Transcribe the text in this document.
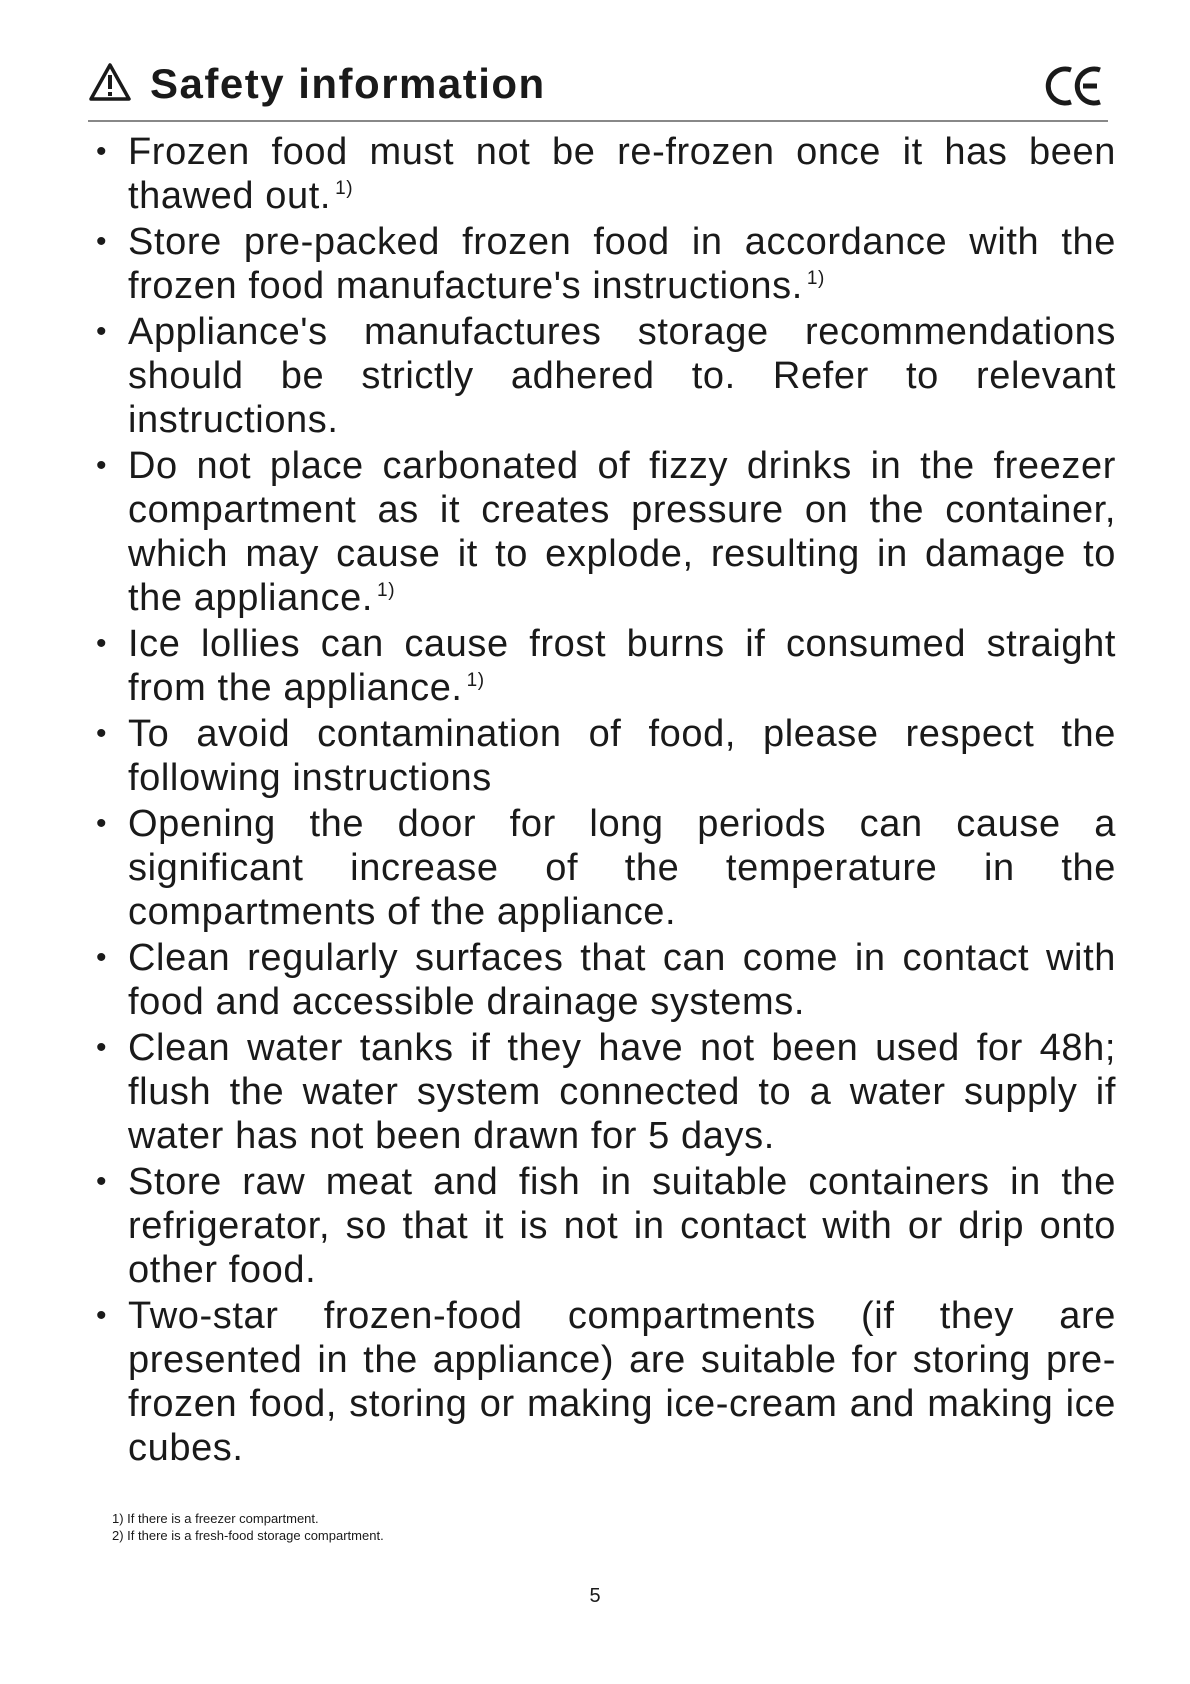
Safety information
• Frozen food must not be re-frozen once it has been thawed out. $^{1)}$
• Store pre-packed frozen food in accordance with the frozen food manufacture's instructions. $^{1)}$
• Appliance's manufactures storage recommendations should be strictly adhered to. Refer to relevant instructions.
• Do not place carbonated of fizzy drinks in the freezer compartment as it creates pressure on the container, which may cause it to explode, resulting in damage to the appliance. $^{1)}$
• Ice lollies can cause frost burns if consumed straight from the appliance. $^{1)}$
• To avoid contamination of food, please respect the following instructions
• Opening the door for long periods can cause a significant increase of the temperature in the compartments of the appliance.
• Clean regularly surfaces that can come in contact with food and accessible drainage systems.
• Clean water tanks if they have not been used for 48h; flush the water system connected to a water supply if water has not been drawn for 5 days.
• Store raw meat and fish in suitable containers in the refrigerator, so that it is not in contact with or drip onto other food.
• Two-star frozen-food compartments (if they are presented in the appliance) are suitable for storing pre-frozen food, storing or making ice-cream and making ice cubes.
1) If there is a freezer compartment.
2) If there is a fresh-food storage compartment.
5
